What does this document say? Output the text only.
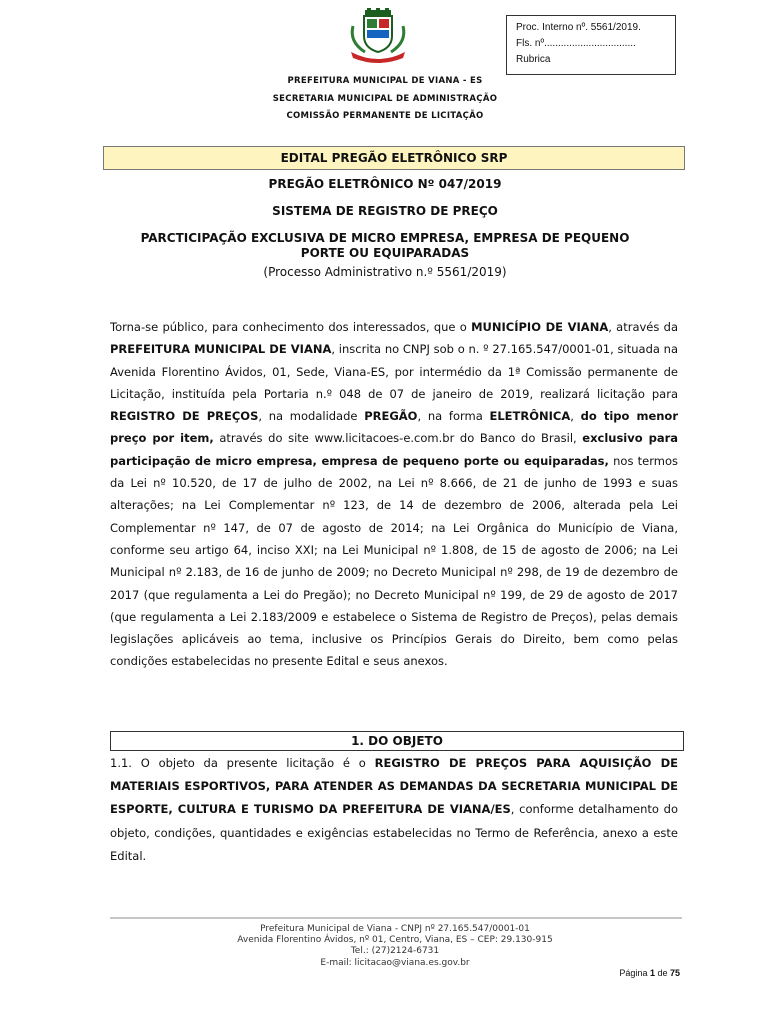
Proc. Interno nº. 5561/2019.
Fls. nº.................................
Rubrica
PREFEITURA MUNICIPAL DE VIANA - ES
SECRETARIA MUNICIPAL DE ADMINISTRAÇÃO
COMISSÃO PERMANENTE DE LICITAÇÃO
EDITAL PREGÃO ELETRÔNICO SRP
PREGÃO ELETRÔNICO Nº 047/2019
SISTEMA DE REGISTRO DE PREÇO
PARCTICIPAÇÃO EXCLUSIVA DE MICRO EMPRESA, EMPRESA DE PEQUENO
PORTE OU EQUIPARADAS
(Processo Administrativo n.º 5561/2019)
Torna-se público, para conhecimento dos interessados, que o MUNICÍPIO DE VIANA, através da PREFEITURA MUNICIPAL DE VIANA, inscrita no CNPJ sob o n. º 27.165.547/0001-01, situada na Avenida Florentino Ávidos, 01, Sede, Viana-ES, por intermédio da 1ª Comissão permanente de Licitação, instituída pela Portaria n.º 048 de 07 de janeiro de 2019, realizará licitação para REGISTRO DE PREÇOS, na modalidade PREGÃO, na forma ELETRÔNICA, do tipo menor preço por item, através do site www.licitacoes-e.com.br do Banco do Brasil, exclusivo para participação de micro empresa, empresa de pequeno porte ou equiparadas, nos termos da Lei nº 10.520, de 17 de julho de 2002, na Lei nº 8.666, de 21 de junho de 1993 e suas alterações; na Lei Complementar nº 123, de 14 de dezembro de 2006, alterada pela Lei Complementar nº 147, de 07 de agosto de 2014; na Lei Orgânica do Município de Viana, conforme seu artigo 64, inciso XXI; na Lei Municipal nº 1.808, de 15 de agosto de 2006; na Lei Municipal nº 2.183, de 16 de junho de 2009; no Decreto Municipal nº 298, de 19 de dezembro de 2017 (que regulamenta a Lei do Pregão); no Decreto Municipal nº 199, de 29 de agosto de 2017 (que regulamenta a Lei 2.183/2009 e estabelece o Sistema de Registro de Preços), pelas demais legislações aplicáveis ao tema, inclusive os Princípios Gerais do Direito, bem como pelas condições estabelecidas no presente Edital e seus anexos.
1. DO OBJETO
1.1. O objeto da presente licitação é o REGISTRO DE PREÇOS PARA AQUISIÇÃO DE MATERIAIS ESPORTIVOS, PARA ATENDER AS DEMANDAS DA SECRETARIA MUNICIPAL DE ESPORTE, CULTURA E TURISMO DA PREFEITURA DE VIANA/ES, conforme detalhamento do objeto, condições, quantidades e exigências estabelecidas no Termo de Referência, anexo a este Edital.
Prefeitura Municipal de Viana - CNPJ nº 27.165.547/0001-01
Avenida Florentino Ávidos, nº 01, Centro, Viana, ES – CEP: 29.130-915
Tel.: (27)2124-6731
E-mail: licitacao@viana.es.gov.br
Página 1 de 75
